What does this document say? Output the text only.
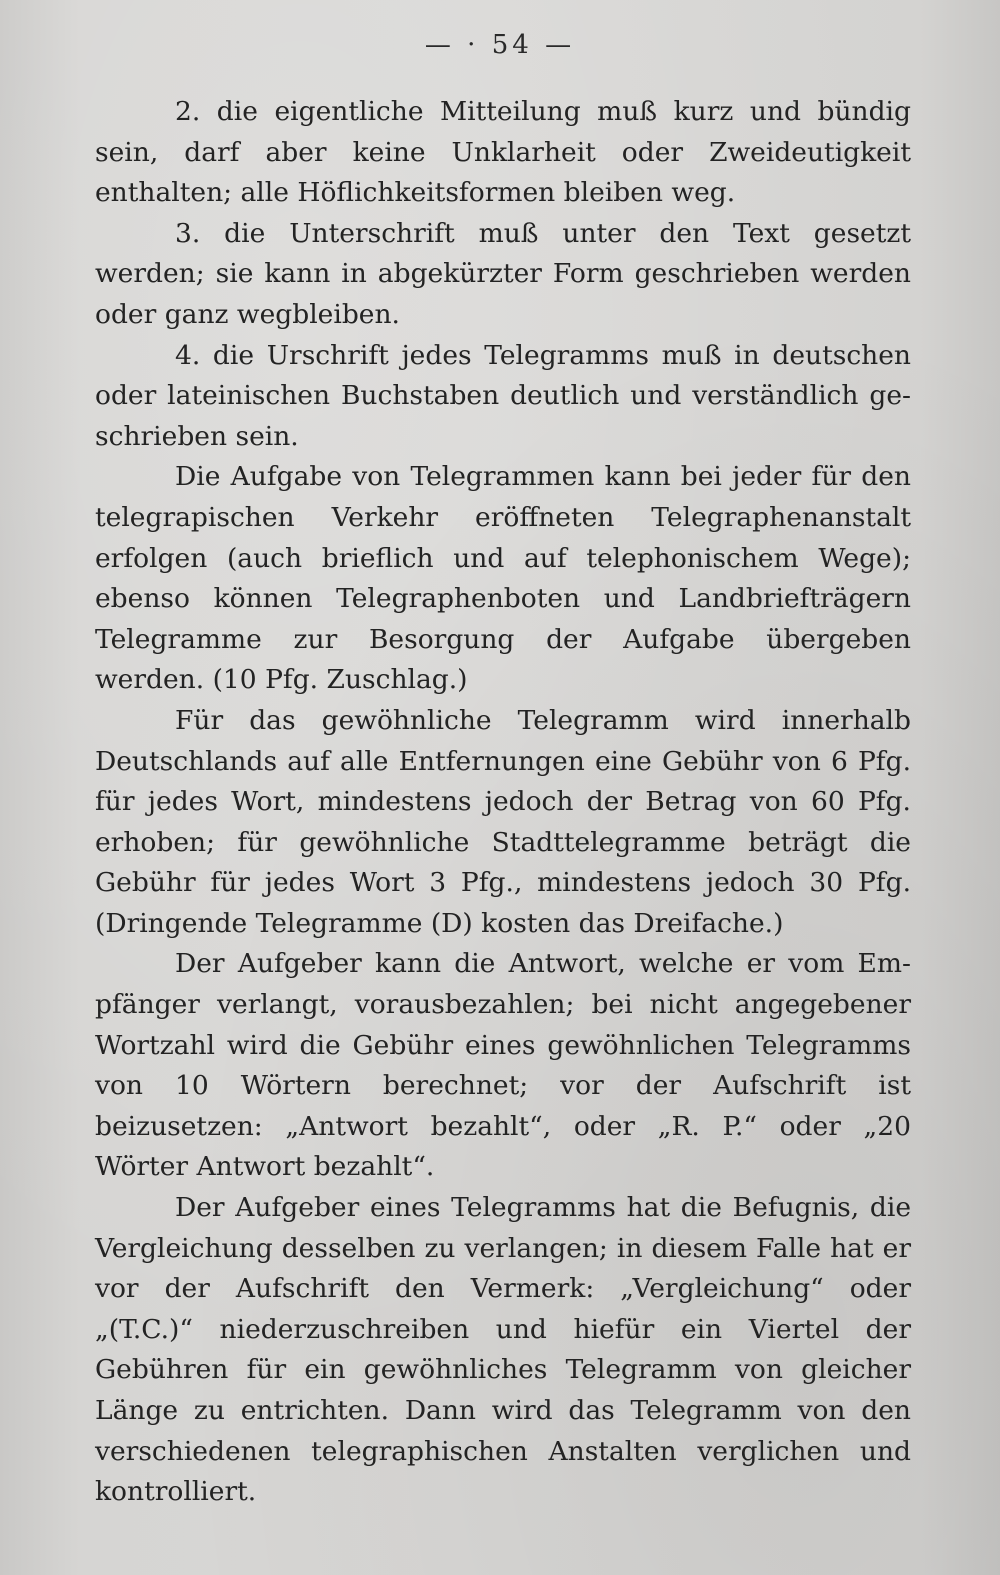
— · 54 —

2. die eigentliche Mitteilung muß kurz und bündig sein, darf aber keine Unklarheit oder Zweideutigkeit enthalten; alle Höflichkeitsformen bleiben weg.

3. die Unterschrift muß unter den Text gesetzt werden; sie kann in abgekürzter Form geschrieben werden oder ganz wegbleiben.

4. die Urschrift jedes Telegramms muß in deutschen oder lateinischen Buchstaben deutlich und verständlich geschrieben sein.

Die Aufgabe von Telegrammen kann bei jeder für den telegrapischen Verkehr eröffneten Telegraphenanstalt erfolgen (auch brieflich und auf telephonischem Wege); ebenso können Telegraphenboten und Landbriefträgern Telegramme zur Besorgung der Aufgabe übergeben werden. (10 Pfg. Zuschlag.)

Für das gewöhnliche Telegramm wird innerhalb Deutschlands auf alle Entfernungen eine Gebühr von 6 Pfg. für jedes Wort, mindestens jedoch der Betrag von 60 Pfg. erhoben; für gewöhnliche Stadttelegramme beträgt die Gebühr für jedes Wort 3 Pfg., mindestens jedoch 30 Pfg. (Dringende Telegramme (D) kosten das Dreifache.)

Der Aufgeber kann die Antwort, welche er vom Empfänger verlangt, vorausbezahlen; bei nicht angegebener Wortzahl wird die Gebühr eines gewöhnlichen Telegramms von 10 Wörtern berechnet; vor der Aufschrift ist beizusetzen: „Antwort bezahlt“, oder „R. P.“ oder „20 Wörter Antwort bezahlt“.

Der Aufgeber eines Telegramms hat die Befugnis, die Vergleichung desselben zu verlangen; in diesem Falle hat er vor der Aufschrift den Vermerk: „Vergleichung“ oder „(T.C.)“ niederzuschreiben und hiefür ein Viertel der Gebühren für ein gewöhnliches Telegramm von gleicher Länge zu entrichten. Dann wird das Telegramm von den verschiedenen telegraphischen Anstalten verglichen und kontrolliert.
